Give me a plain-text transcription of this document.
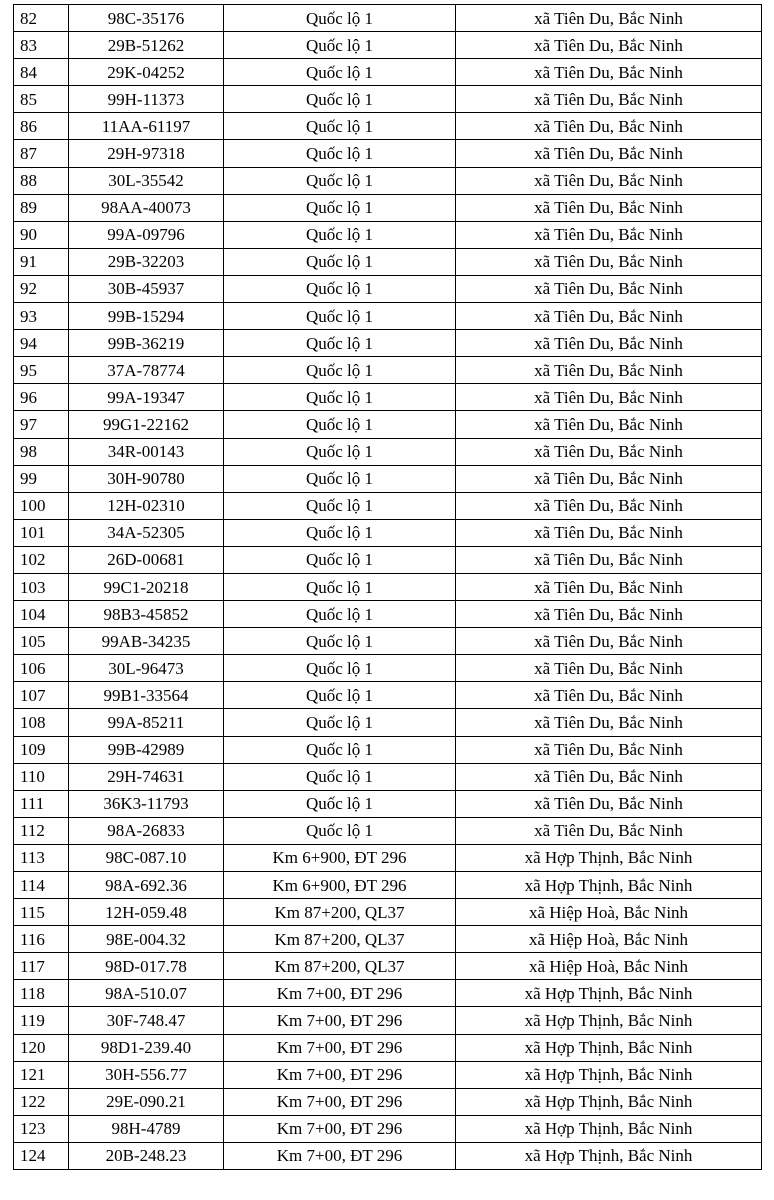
82	98C-35176	Quốc lộ 1	xã Tiên Du, Bắc Ninh
83	29B-51262	Quốc lộ 1	xã Tiên Du, Bắc Ninh
84	29K-04252	Quốc lộ 1	xã Tiên Du, Bắc Ninh
85	99H-11373	Quốc lộ 1	xã Tiên Du, Bắc Ninh
86	11AA-61197	Quốc lộ 1	xã Tiên Du, Bắc Ninh
87	29H-97318	Quốc lộ 1	xã Tiên Du, Bắc Ninh
88	30L-35542	Quốc lộ 1	xã Tiên Du, Bắc Ninh
89	98AA-40073	Quốc lộ 1	xã Tiên Du, Bắc Ninh
90	99A-09796	Quốc lộ 1	xã Tiên Du, Bắc Ninh
91	29B-32203	Quốc lộ 1	xã Tiên Du, Bắc Ninh
92	30B-45937	Quốc lộ 1	xã Tiên Du, Bắc Ninh
93	99B-15294	Quốc lộ 1	xã Tiên Du, Bắc Ninh
94	99B-36219	Quốc lộ 1	xã Tiên Du, Bắc Ninh
95	37A-78774	Quốc lộ 1	xã Tiên Du, Bắc Ninh
96	99A-19347	Quốc lộ 1	xã Tiên Du, Bắc Ninh
97	99G1-22162	Quốc lộ 1	xã Tiên Du, Bắc Ninh
98	34R-00143	Quốc lộ 1	xã Tiên Du, Bắc Ninh
99	30H-90780	Quốc lộ 1	xã Tiên Du, Bắc Ninh
100	12H-02310	Quốc lộ 1	xã Tiên Du, Bắc Ninh
101	34A-52305	Quốc lộ 1	xã Tiên Du, Bắc Ninh
102	26D-00681	Quốc lộ 1	xã Tiên Du, Bắc Ninh
103	99C1-20218	Quốc lộ 1	xã Tiên Du, Bắc Ninh
104	98B3-45852	Quốc lộ 1	xã Tiên Du, Bắc Ninh
105	99AB-34235	Quốc lộ 1	xã Tiên Du, Bắc Ninh
106	30L-96473	Quốc lộ 1	xã Tiên Du, Bắc Ninh
107	99B1-33564	Quốc lộ 1	xã Tiên Du, Bắc Ninh
108	99A-85211	Quốc lộ 1	xã Tiên Du, Bắc Ninh
109	99B-42989	Quốc lộ 1	xã Tiên Du, Bắc Ninh
110	29H-74631	Quốc lộ 1	xã Tiên Du, Bắc Ninh
111	36K3-11793	Quốc lộ 1	xã Tiên Du, Bắc Ninh
112	98A-26833	Quốc lộ 1	xã Tiên Du, Bắc Ninh
113	98C-087.10	Km 6+900, ĐT 296	xã Hợp Thịnh, Bắc Ninh
114	98A-692.36	Km 6+900, ĐT 296	xã Hợp Thịnh, Bắc Ninh
115	12H-059.48	Km 87+200, QL37	xã Hiệp Hoà, Bắc Ninh
116	98E-004.32	Km 87+200, QL37	xã Hiệp Hoà, Bắc Ninh
117	98D-017.78	Km 87+200, QL37	xã Hiệp Hoà, Bắc Ninh
118	98A-510.07	Km 7+00, ĐT 296	xã Hợp Thịnh, Bắc Ninh
119	30F-748.47	Km 7+00, ĐT 296	xã Hợp Thịnh, Bắc Ninh
120	98D1-239.40	Km 7+00, ĐT 296	xã Hợp Thịnh, Bắc Ninh
121	30H-556.77	Km 7+00, ĐT 296	xã Hợp Thịnh, Bắc Ninh
122	29E-090.21	Km 7+00, ĐT 296	xã Hợp Thịnh, Bắc Ninh
123	98H-4789	Km 7+00, ĐT 296	xã Hợp Thịnh, Bắc Ninh
124	20B-248.23	Km 7+00, ĐT 296	xã Hợp Thịnh, Bắc Ninh
